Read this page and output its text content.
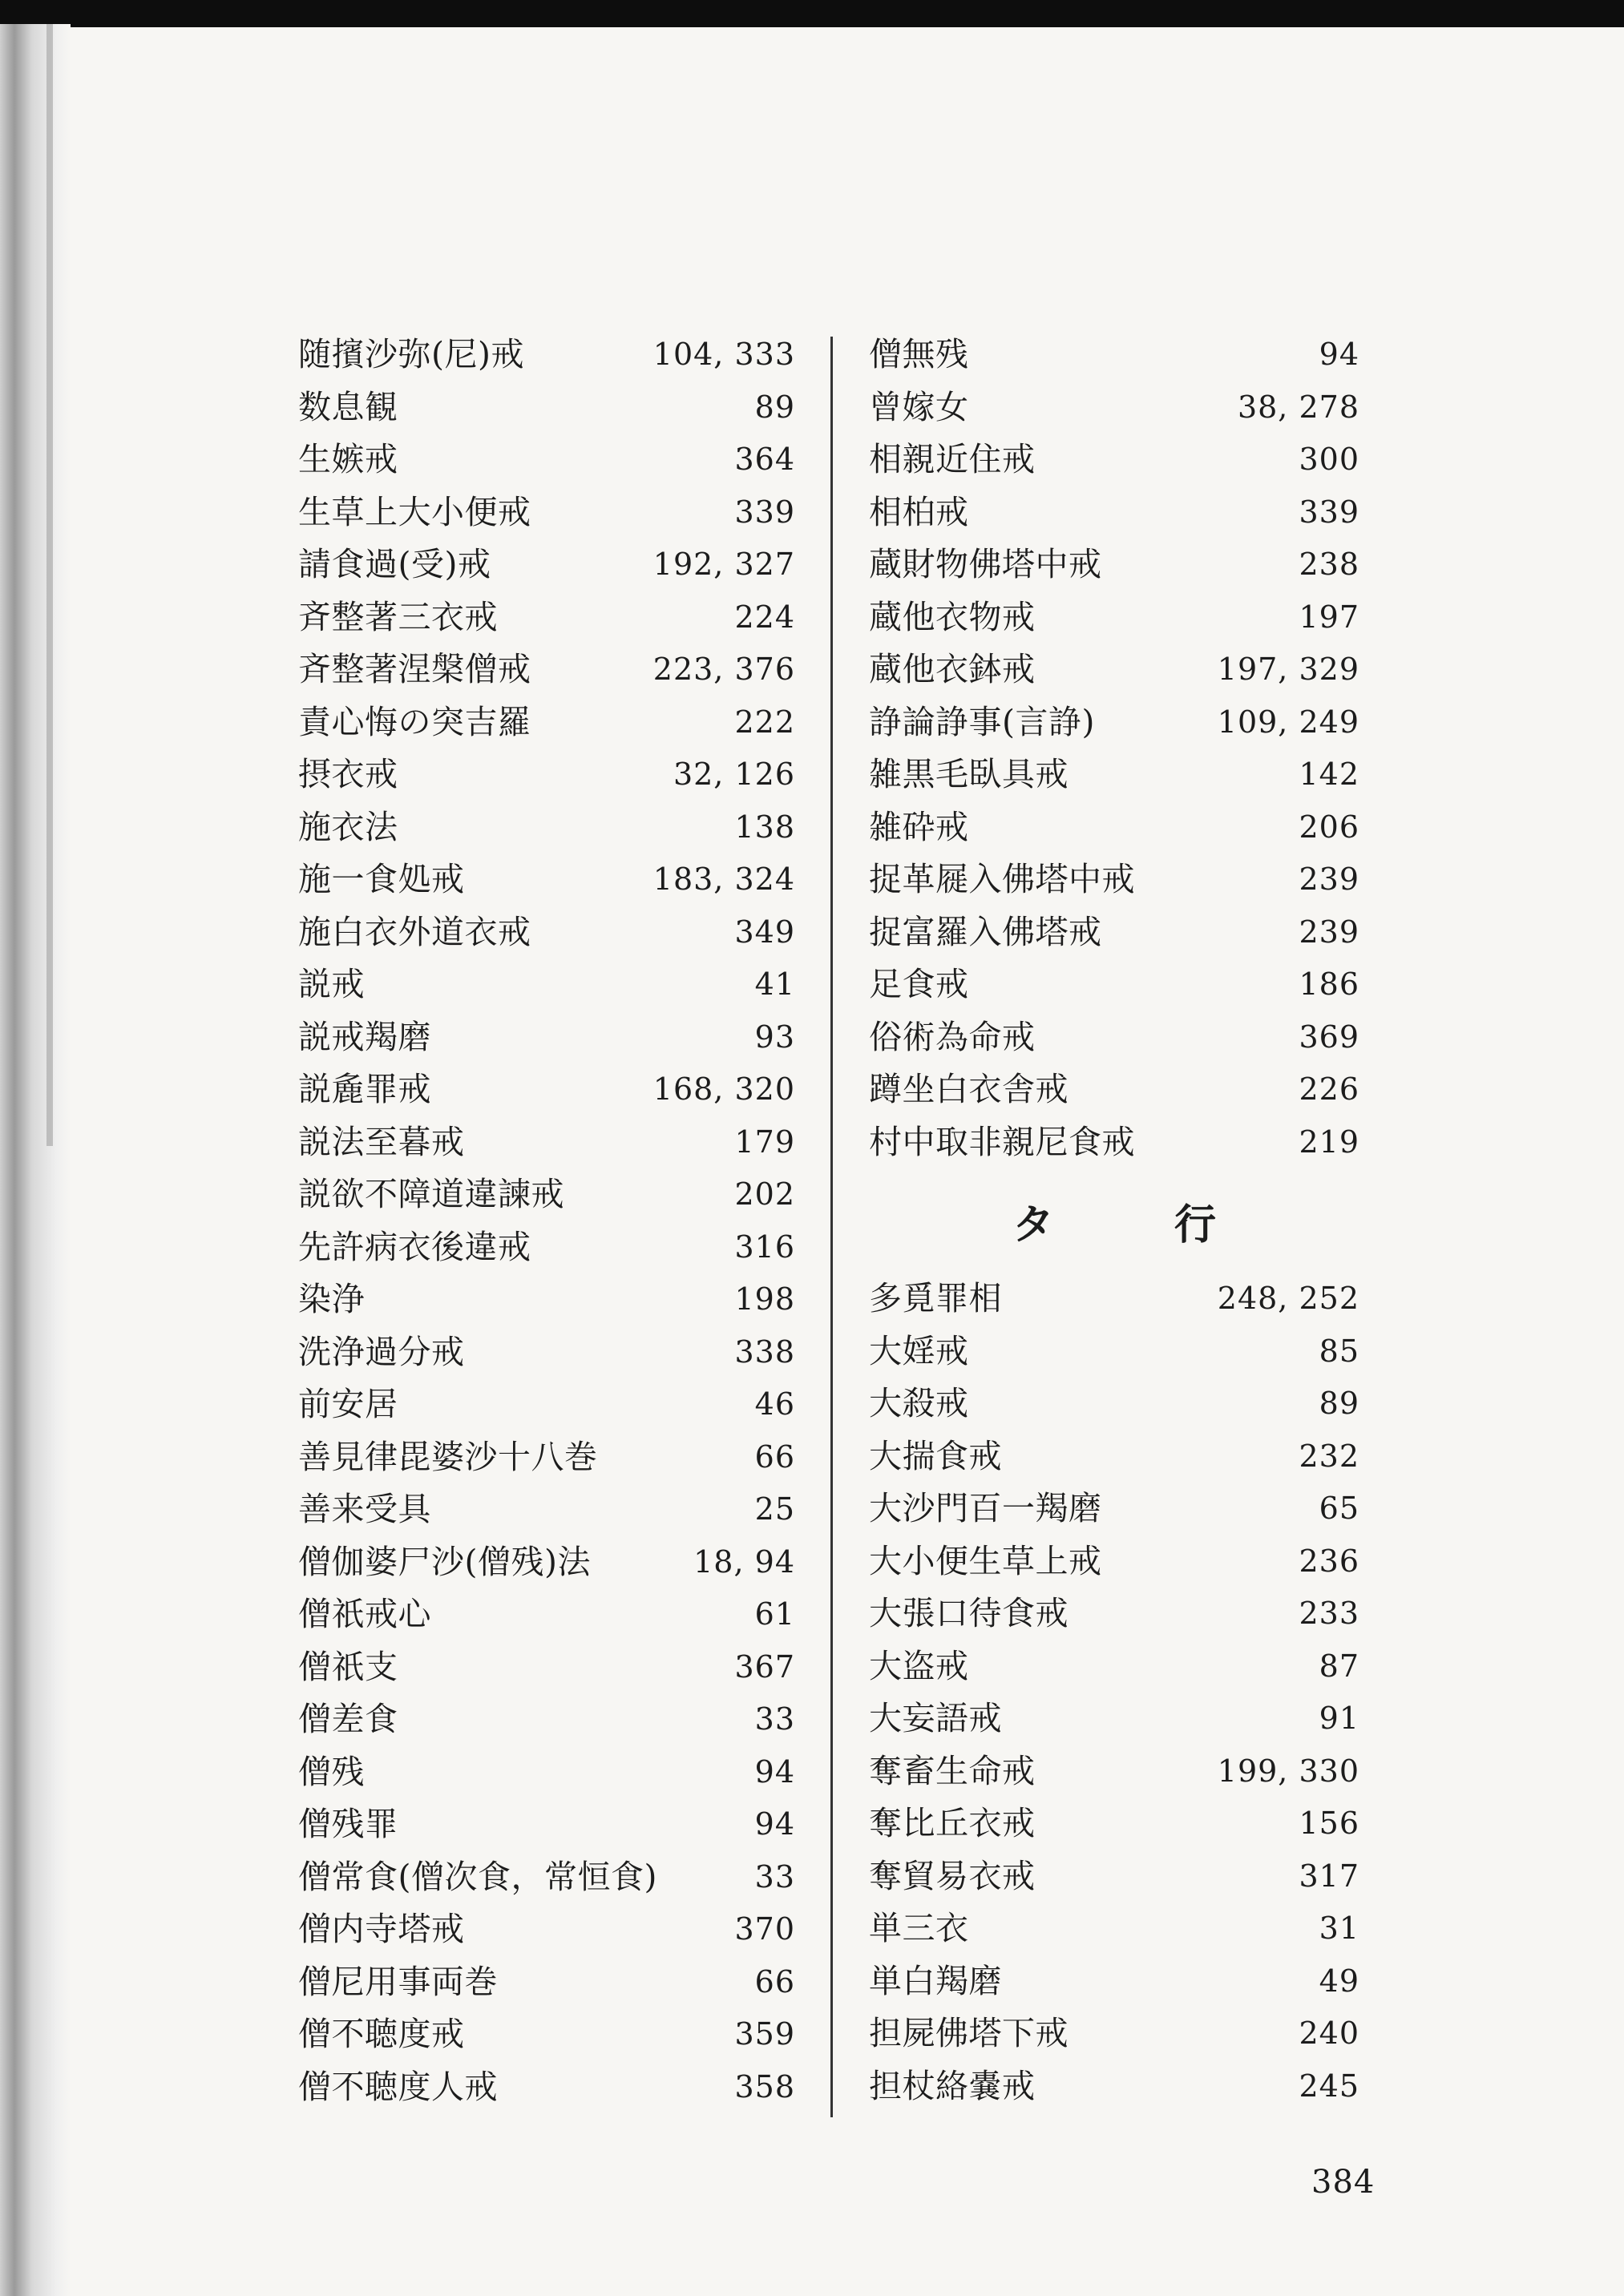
随擯沙弥(尼)戒	104, 333
数息観	89
生嫉戒	364
生草上大小便戒	339
請食過(受)戒	192, 327
斉整著三衣戒	224
斉整著涅槃僧戒	223, 376
責心悔の突吉羅	222
摂衣戒	32, 126
施衣法	138
施一食処戒	183, 324
施白衣外道衣戒	349
説戒	41
説戒羯磨	93
説麁罪戒	168, 320
説法至暮戒	179
説欲不障道違諫戒	202
先許病衣後違戒	316
染浄	198
洗浄過分戒	338
前安居	46
善見律毘婆沙十八巻	66
善来受具	25
僧伽婆尸沙(僧残)法	18, 94
僧祇戒心	61
僧祇支	367
僧差食	33
僧残	94
僧残罪	94
僧常食(僧次食，常恒食)	33
僧内寺塔戒	370
僧尼用事両巻	66
僧不聴度戒	359
僧不聴度人戒	358
僧無残	94
曾嫁女	38, 278
相親近住戒	300
相柏戒	339
蔵財物佛塔中戒	238
蔵他衣物戒	197
蔵他衣鉢戒	197, 329
諍論諍事(言諍)	109, 249
雑黒毛臥具戒	142
雑砕戒	206
捉革屣入佛塔中戒	239
捉富羅入佛塔戒	239
足食戒	186
俗術為命戒	369
蹲坐白衣舎戒	226
村中取非親尼食戒	219
タ	行
多覓罪相	248, 252
大婬戒	85
大殺戒	89
大揣食戒	232
大沙門百一羯磨	65
大小便生草上戒	236
大張口待食戒	233
大盗戒	87
大妄語戒	91
奪畜生命戒	199, 330
奪比丘衣戒	156
奪貿易衣戒	317
単三衣	31
単白羯磨	49
担屍佛塔下戒	240
担杖絡嚢戒	245
384
